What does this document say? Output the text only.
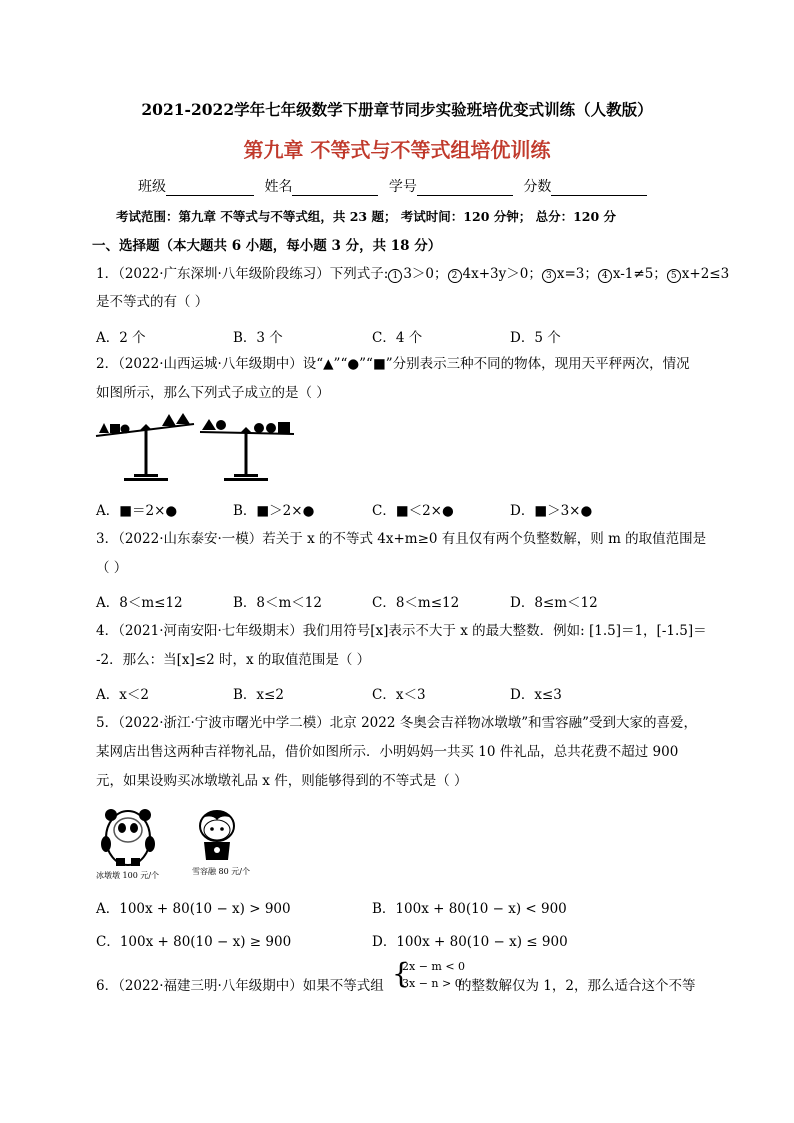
2021-2022学年七年级数学下册章节同步实验班培优变式训练（人教版）
第九章 不等式与不等式组培优训练
班级	姓名	学号	分数
考试范围：第九章 不等式与不等式组，共 23 题； 考试时间：120 分钟； 总分：120 分
一、选择题（本大题共 6 小题，每小题 3 分，共 18 分）
1．（2022·广东深圳·八年级阶段练习）下列式子: 1 3＞0； 2 4x+3y＞0； 3 x=3； 4 x-1≠5； 5 x+2≤3
是不等式的有（ ）
A．2 个	B．3 个	C．4 个	D．5 个
2．（2022·山西运城·八年级期中）设“▲”“●”“■”分别表示三种不同的物体，现用天平秤两次，情况
如图所示，那么下列式子成立的是（ ）
A．■＝2×●	B．■＞2×●	C．■＜2×●	D．■＞3×●
3．（2022·山东泰安·一模）若关于 x 的不等式 4x+m≥0 有且仅有两个负整数解，则 m 的取值范围是
（ ）
A．8＜m≤12	B．8＜m＜12	C．8＜m≤12	D．8≤m＜12
4．（2021·河南安阳·七年级期末）我们用符号[x]表示不大于 x 的最大整数．例如: [1.5]＝1，[-1.5]＝
-2．那么：当[x]≤2 时，x 的取值范围是（ ）
A．x＜2	B．x≤2	C．x＜3	D．x≤3
5．（2022·浙江·宁波市曙光中学二模）北京 2022 冬奥会吉祥物冰墩墩”和雪容融”受到大家的喜爱，
某网店出售这两种吉祥物礼品，借价如图所示．小明妈妈一共买 10 件礼品，总共花费不超过 900
元，如果设购买冰墩墩礼品 x 件，则能够得到的不等式是（ ）
冰墩墩 100 元/个	雪容融 80 元/个
A．100x + 80(10 − x) > 900	B．100x + 80(10 − x) < 900
C．100x + 80(10 − x) ≥ 900	D．100x + 80(10 − x) ≤ 900
6．（2022·福建三明·八年级期中）如果不等式组 {
2x − m < 0
3x − n > 0
的整数解仅为 1，2，那么适合这个不等
